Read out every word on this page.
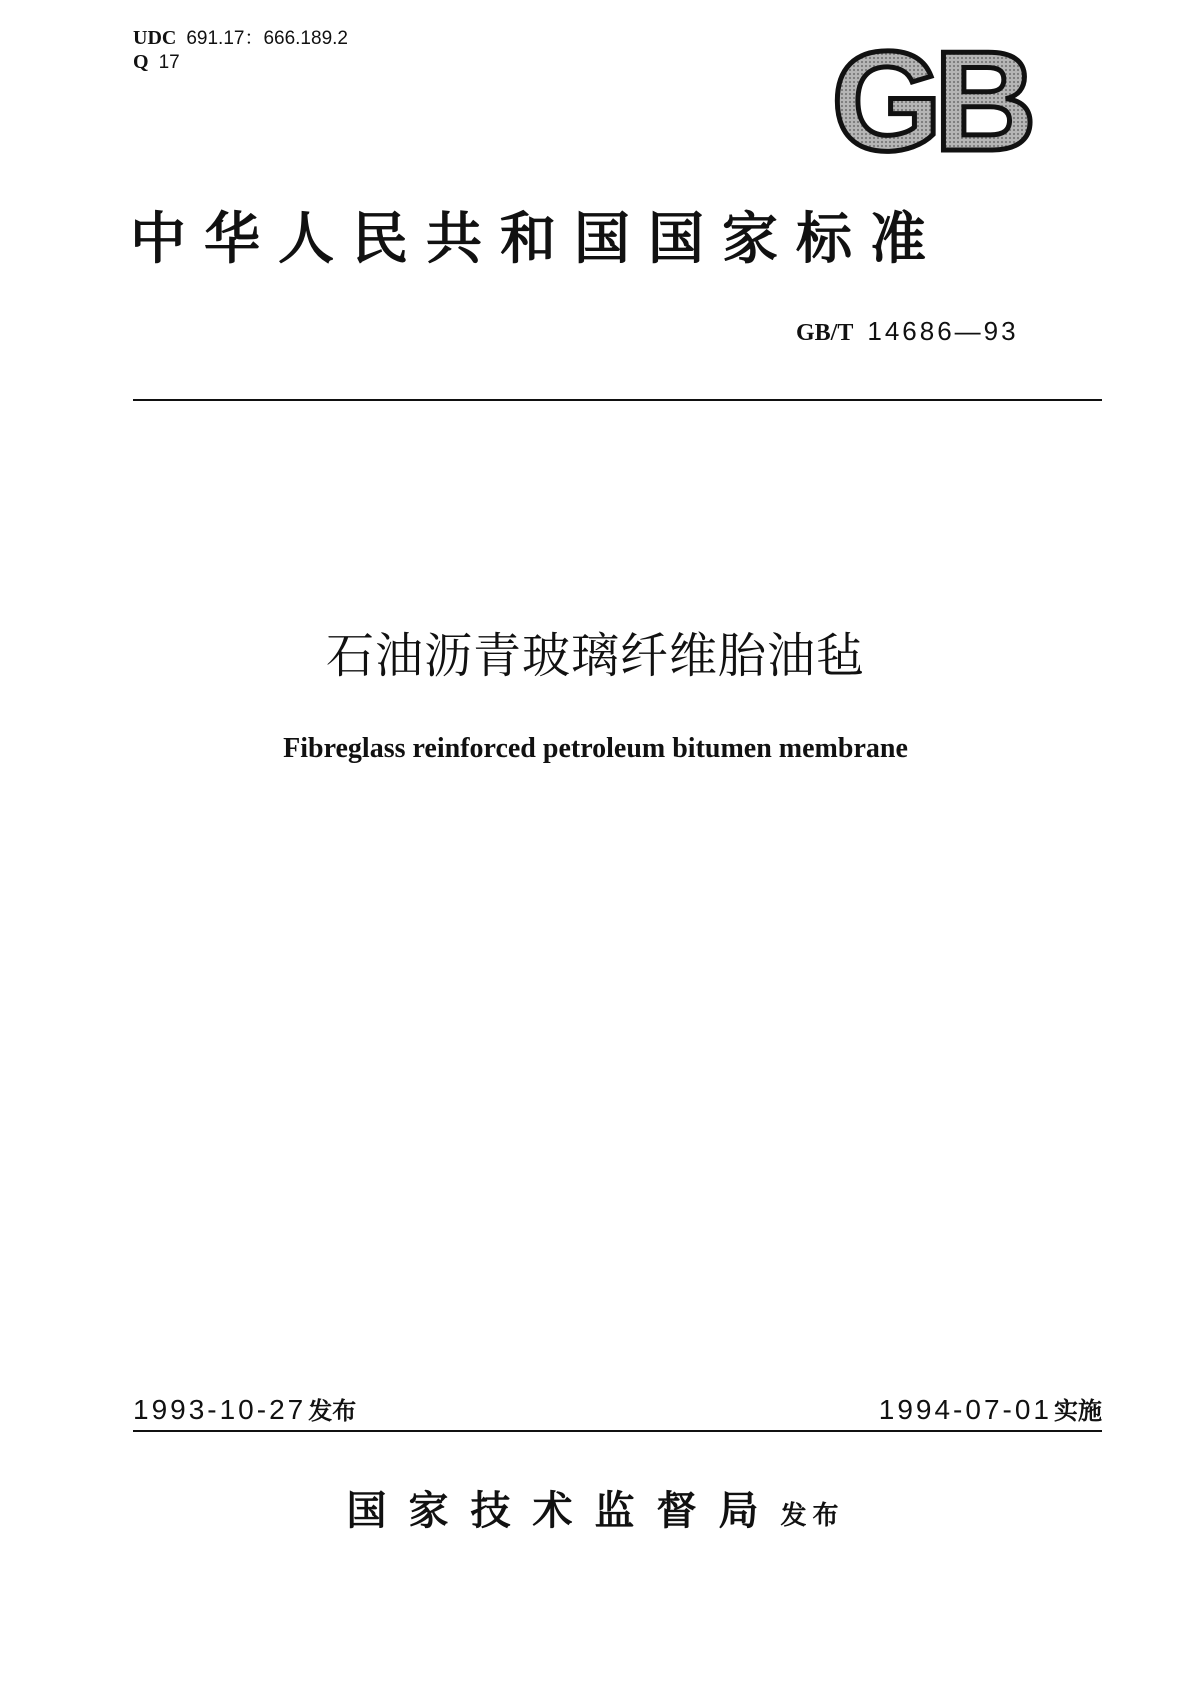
UDC 691.17：666.189.2
Q 17	GB
中华人民共和国国家标准
GB/T 14686—93
石油沥青玻璃纤维胎油毡
Fibreglass reinforced petroleum bitumen membrane
1993-10-27发布	1994-07-01实施
国家技术监督局发布
